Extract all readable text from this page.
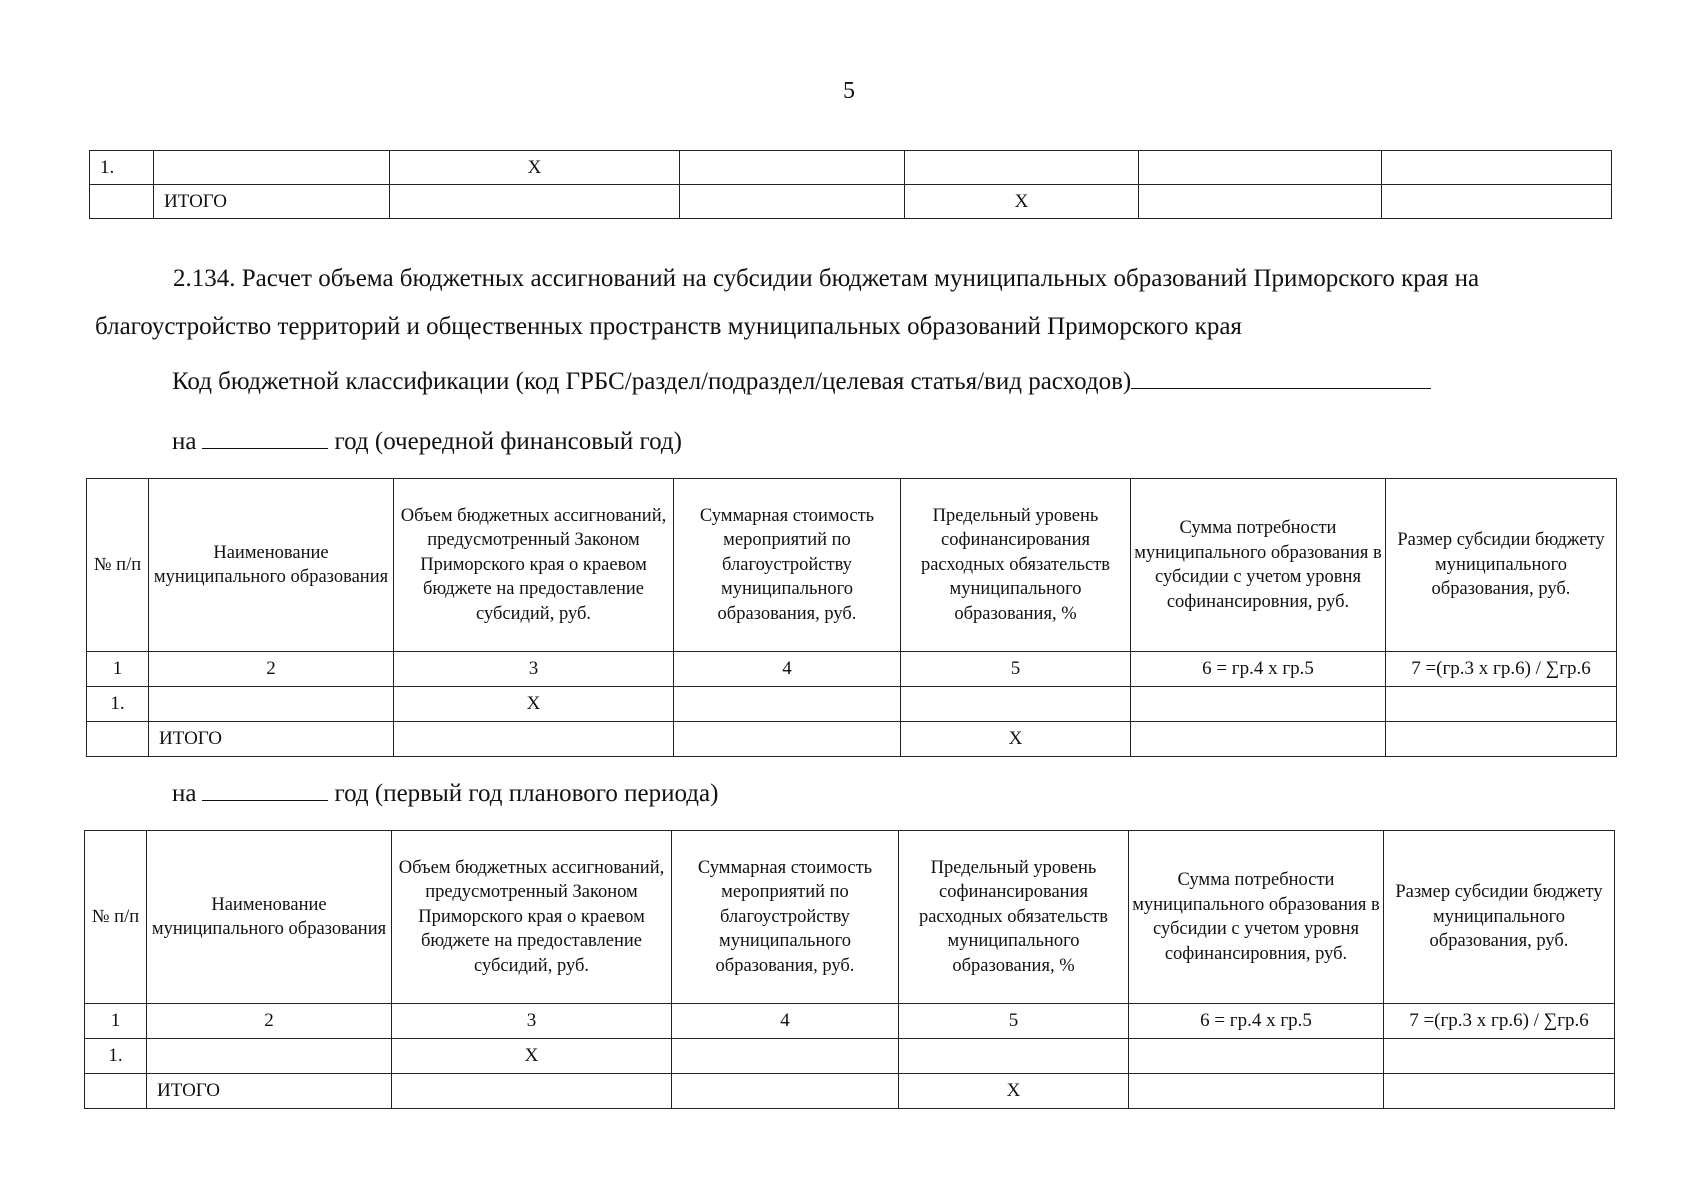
5
1.		X				
	ИТОГО			X		

2.134. Расчет объема бюджетных ассигнований на субсидии бюджетам муниципальных образований Приморского края на благоустройство территорий и общественных пространств муниципальных образований Приморского края

Код бюджетной классификации (код ГРБС/раздел/подраздел/целевая статья/вид расходов)

на	год (очередной финансовый год)

№ п/п	Наименование муниципального образования	Объем бюджетных ассигнований, предусмотренный Законом Приморского края о краевом бюджете на предоставление субсидий, руб.	Суммарная стоимость мероприятий по благоустройству муниципального образования, руб.	Предельный уровень софинансирования расходных обязательств муниципального образования, %	Сумма потребности муниципального образования в субсидии с учетом уровня софинансировния, руб.	Размер субсидии бюджету муниципального образования, руб.
1	2	3	4	5	6 = гр.4 х гр.5	7 =(гр.3 х гр.6) / ∑гр.6
1.		X				
	ИТОГО			X		

на	год (первый год планового периода)

№ п/п	Наименование муниципального образования	Объем бюджетных ассигнований, предусмотренный Законом Приморского края о краевом бюджете на предоставление субсидий, руб.	Суммарная стоимость мероприятий по благоустройству муниципального образования, руб.	Предельный уровень софинансирования расходных обязательств муниципального образования, %	Сумма потребности муниципального образования в субсидии с учетом уровня софинансировния, руб.	Размер субсидии бюджету муниципального образования, руб.
1	2	3	4	5	6 = гр.4 х гр.5	7 =(гр.3 х гр.6) / ∑гр.6
1.		X				
	ИТОГО			X		
